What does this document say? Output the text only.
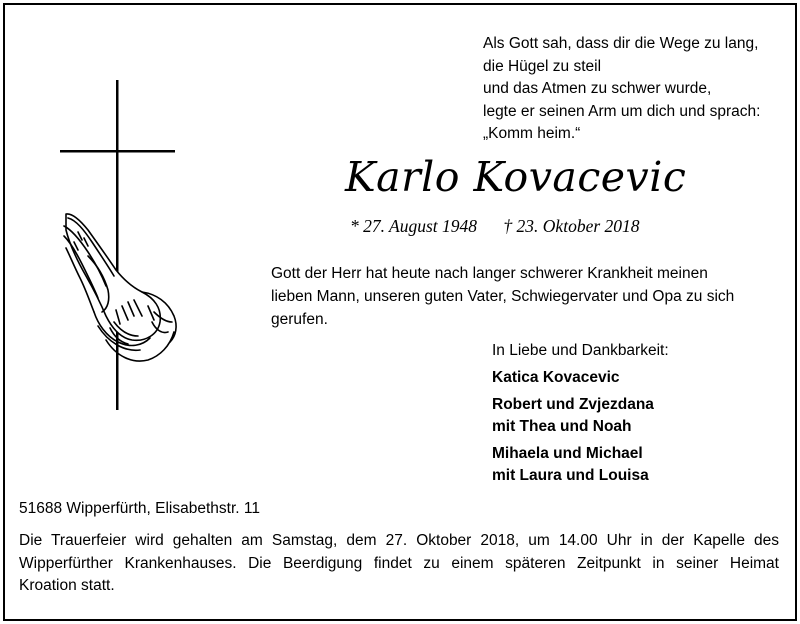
Als Gott sah, dass dir die Wege zu lang,
die Hügel zu steil
und das Atmen zu schwer wurde,
legte er seinen Arm um dich und sprach:
„Komm heim.“
Karlo Kovacevic
* 27. August 1948 † 23. Oktober 2018
Gott der Herr hat heute nach langer schwerer Krankheit meinen
lieben Mann, unseren guten Vater, Schwiegervater und Opa zu sich
gerufen.
In Liebe und Dankbarkeit:
Katica Kovacevic
Robert und Zvjezdana
mit Thea und Noah
Mihaela und Michael
mit Laura und Louisa
51688 Wipperfürth, Elisabethstr. 11
Die Trauerfeier wird gehalten am Samstag, dem 27. Oktober 2018, um 14.00 Uhr in der Kapelle des
Wipperfürther Krankenhauses. Die Beerdigung findet zu einem späteren Zeitpunkt in seiner Heimat
Kroation statt.
